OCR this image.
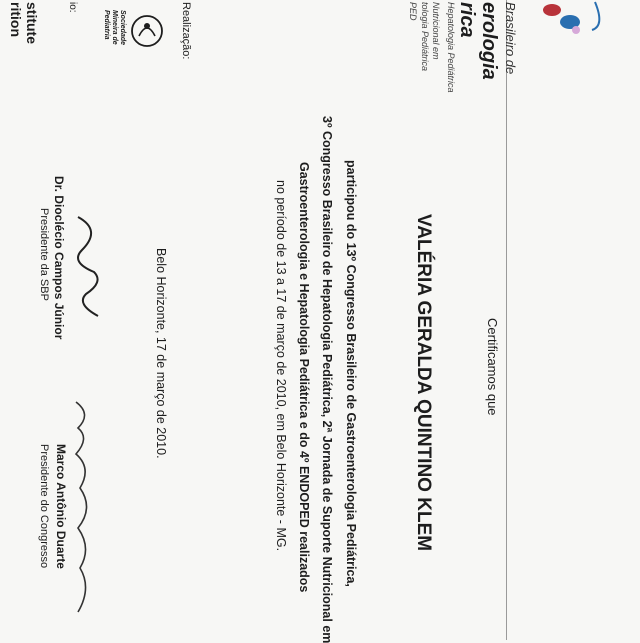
Brasileiro de
erologia
rica
Hepatologia Pediátrica
Nutricional em
tologia Pediátrica
PED
stitute
rition	io:	Realização:
Sociedade Mineira de Pediatria
Certificamos que
VALÉRIA GERALDA QUINTINO KLEM
participou do 13º Congresso Brasileiro de Gastroenterologia Pediátrica,
3º Congresso Brasileiro de Hepatologia Pediátrica, 2ª Jornada de Suporte Nutricional em
Gastroenterologia e Hepatologia Pediátrica e do 4º ENDOPED realizados
no período de 13 a 17 de março de 2010, em Belo Horizonte - MG.
Belo Horizonte, 17 de março de 2010.
Dr. Dioclécio Campos Júnior
Presidente da SBP
Marco Antônio Duarte
Presidente do Congresso
